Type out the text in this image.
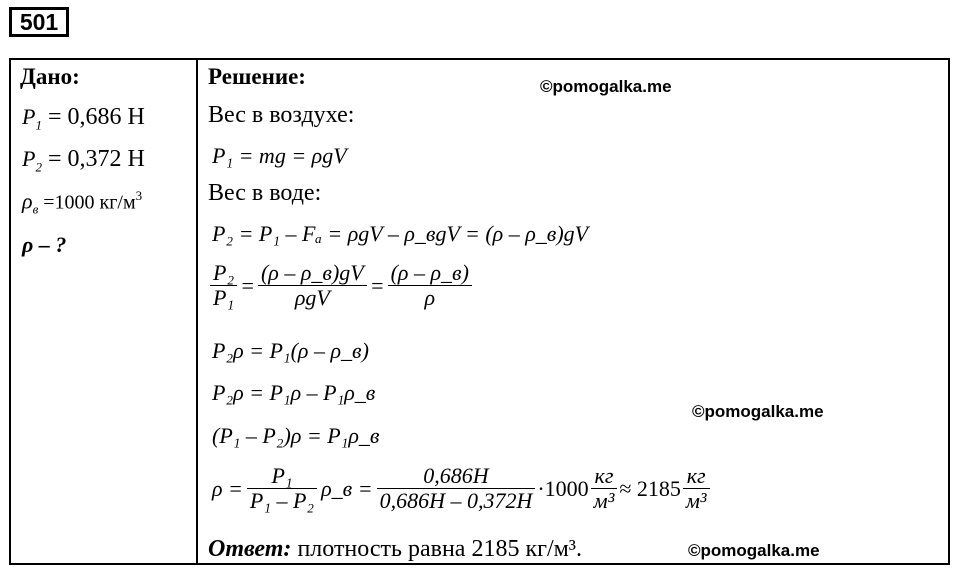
501
Дано:
$P_1 = 0,686$ Н
$P_2 = 0,372$ Н
$\rho_в =1000$ $кг/м^3$
ρ – ?
Решение:	©pomogalka.me
Вес в воздухе:
P₁ = mg = ρgV
Вес в воде:
P₂ = P₁ – Fₐ = ρgV – ρ_вgV = (ρ – ρ_в)gV
$\frac{\text{P₂}}{\text{P₁}} = \frac{(\rho - \rho\_в)gV}{\text{ρgV}} = \frac{(\rho - \rho\_в)}{\rho}$
P₂ρ = P₁(ρ – ρ_в)
P₂ρ = P₁ρ – P₁ρ_в
©pomogalka.me
(P₁ – P₂)ρ = P₁ρ_в
$\rho = \frac{\text{P₁}}{\text{P₁ – P₂}}$ ρ_в = $\frac{0,686H}{0,686H - 0,372H} \cdot 1000 \frac{кг}{\text{м³}} \approx 2185 \frac{кг}{\text{м³}}$
Ответ: плотность равна 2185 кг/м³.	©pomogalka.me
